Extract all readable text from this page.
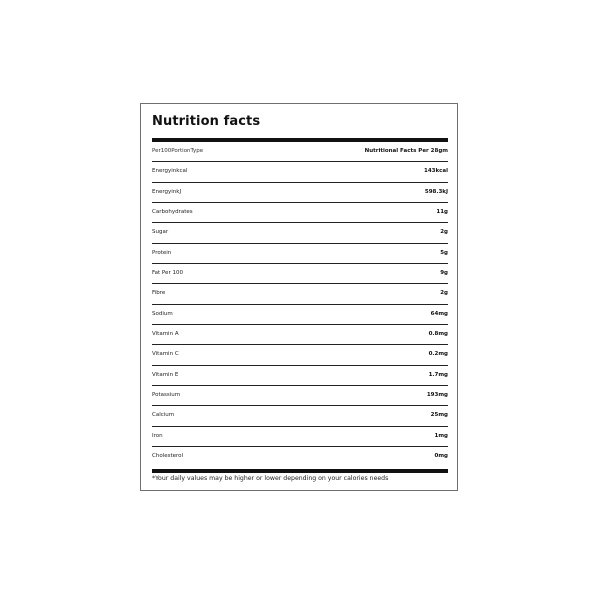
Nutrition facts
Per100PortionType	Nutritional Facts Per 28gm
Energyinkcal	143kcal
EnergyinkJ	598.3kJ
Carbohydrates	11g
Sugar	2g
Protein	5g
Fat Per 100	9g
Fibre	2g
Sodium	64mg
Vitamin A	0.8mg
Vitamin C	0.2mg
Vitamin E	1.7mg
Potassium	193mg
Calcium	25mg
Iron	1mg
Cholesterol	0mg
*Your daily values may be higher or lower depending on your calories needs
